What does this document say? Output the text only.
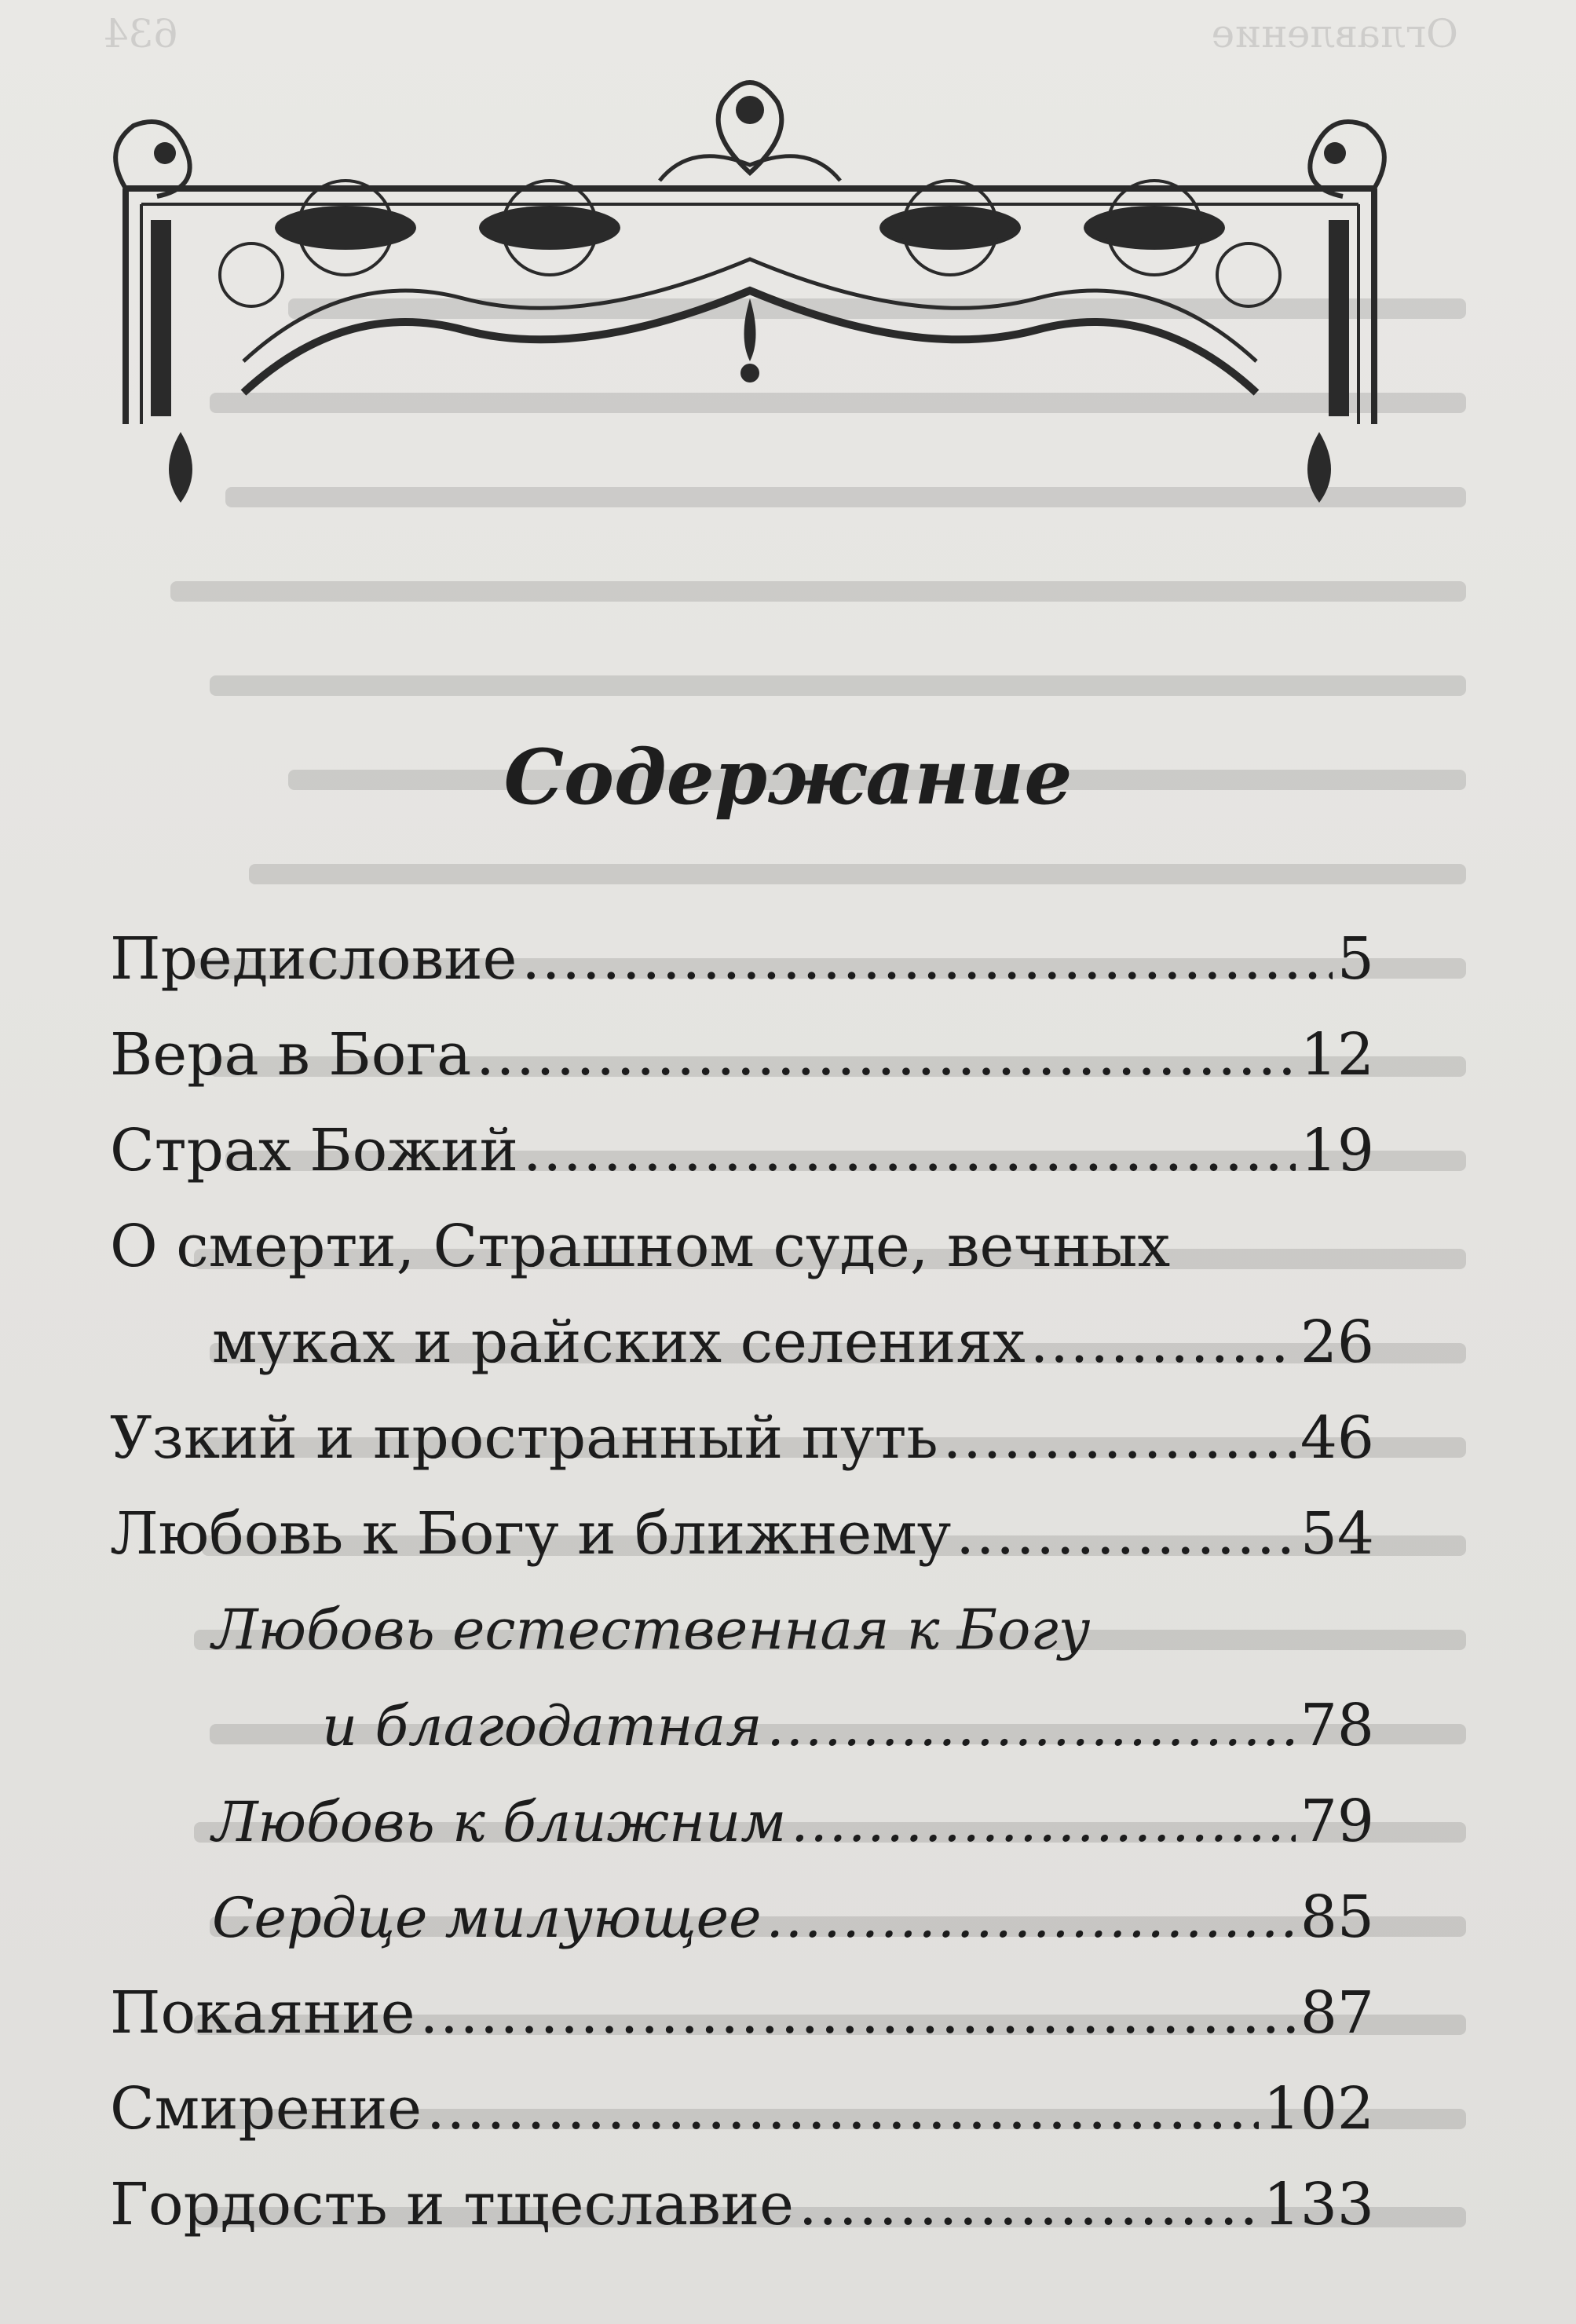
Оглавление
634
Содержание
Предисловие .....	5
Вера в Бога .....	12
Страх Божий .....	19
О смерти, Страшном суде, вечных
муках и райских селениях .....	26
Узкий и пространный путь .....	46
Любовь к Богу и ближнему .....	54
Любовь естественная к Богу
и благодатная .....	78
Любовь к ближним .....	79
Сердце милующее .....	85
Покаяние .....	87
Смирение .....	102
Гордость и тщеславие .....	133
